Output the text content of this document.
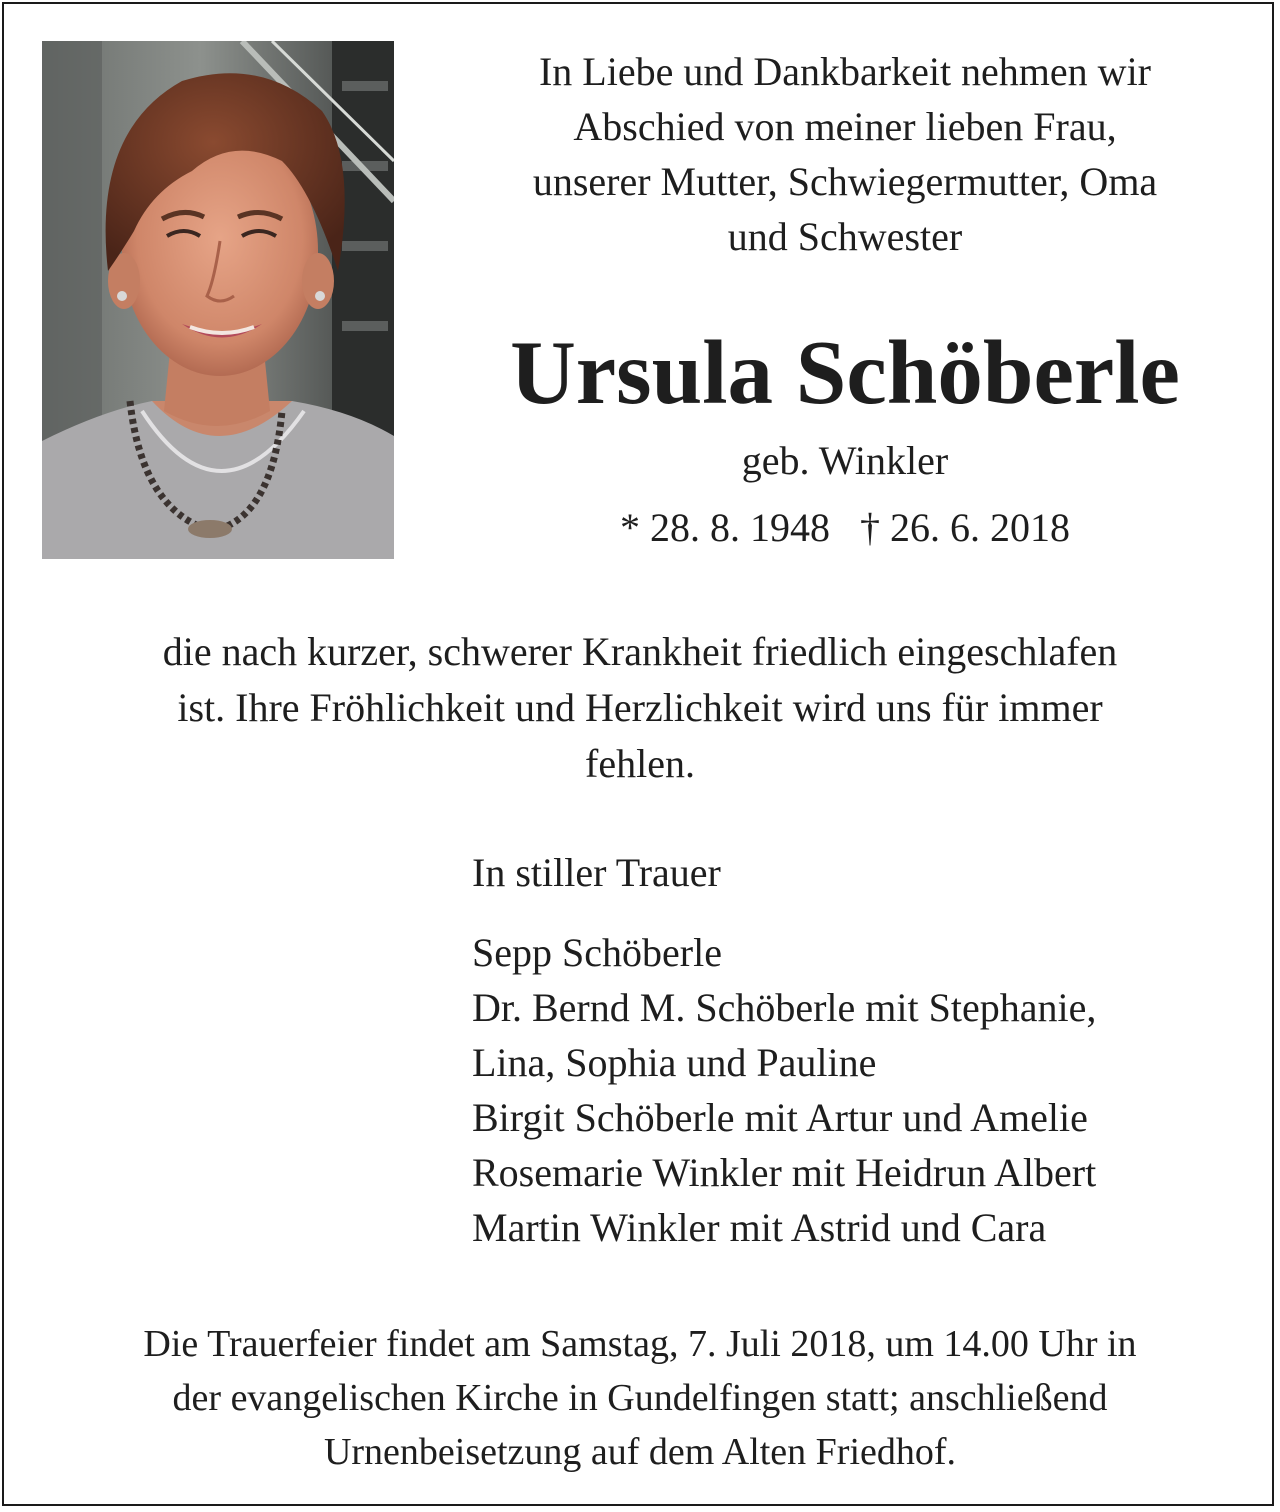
In Liebe und Dankbarkeit nehmen wir
Abschied von meiner lieben Frau,
unserer Mutter, Schwiegermutter, Oma
und Schwester
Ursula Schöberle
geb. Winkler
* 28. 8. 1948 † 26. 6. 2018
die nach kurzer, schwerer Krankheit friedlich eingeschlafen
ist. Ihre Fröhlichkeit und Herzlichkeit wird uns für immer
fehlen.
In stiller Trauer
Sepp Schöberle
Dr. Bernd M. Schöberle mit Stephanie,
Lina, Sophia und Pauline
Birgit Schöberle mit Artur und Amelie
Rosemarie Winkler mit Heidrun Albert
Martin Winkler mit Astrid und Cara
Die Trauerfeier findet am Samstag, 7. Juli 2018, um 14.00 Uhr in
der evangelischen Kirche in Gundelfingen statt; anschließend
Urnenbeisetzung auf dem Alten Friedhof.
